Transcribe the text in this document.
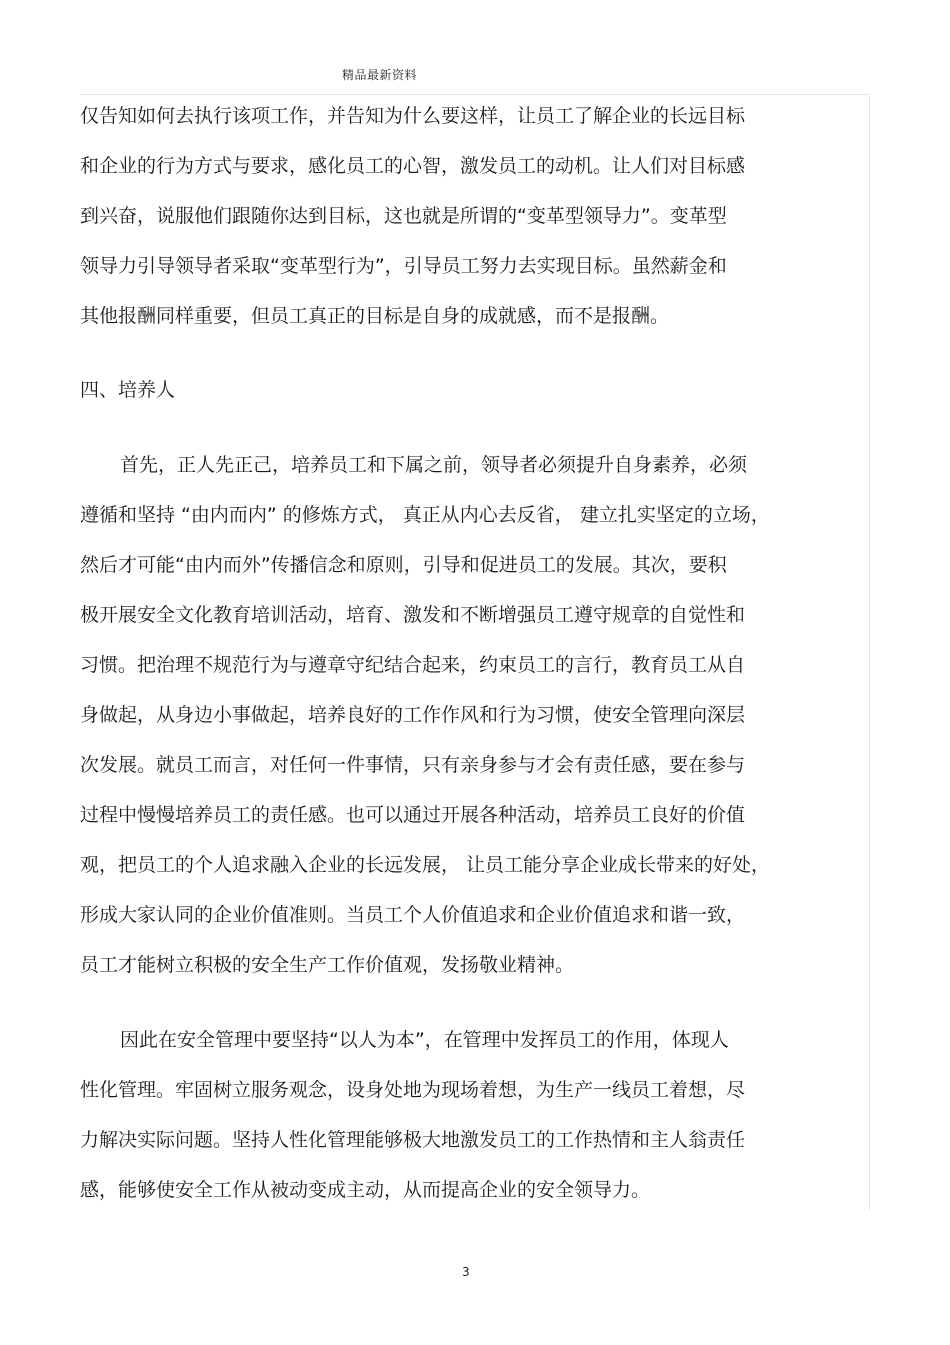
精品最新资料
仅告知如何去执行该项工作，并告知为什么要这样，让员工了解企业的长远目标
和企业的行为方式与要求，感化员工的心智，激发员工的动机。让人们对目标感
到兴奋，说服他们跟随你达到目标，这也就是所谓的“变革型领导力”。变革型
领导力引导领导者采取“变革型行为”，引导员工努力去实现目标。虽然薪金和
其他报酬同样重要，但员工真正的目标是自身的成就感，而不是报酬。
四、培养人
首先，正人先正己，培养员工和下属之前，领导者必须提升自身素养，必须
遵循和坚持 “由内而内” 的修炼方式， 真正从内心去反省， 建立扎实坚定的立场，
然后才可能“由内而外”传播信念和原则，引导和促进员工的发展。其次，要积
极开展安全文化教育培训活动，培育、激发和不断增强员工遵守规章的自觉性和
习惯。把治理不规范行为与遵章守纪结合起来，约束员工的言行，教育员工从自
身做起，从身边小事做起，培养良好的工作作风和行为习惯，使安全管理向深层
次发展。就员工而言，对任何一件事情，只有亲身参与才会有责任感，要在参与
过程中慢慢培养员工的责任感。也可以通过开展各种活动，培养员工良好的价值
观，把员工的个人追求融入企业的长远发展， 让员工能分享企业成长带来的好处，
形成大家认同的企业价值准则。当员工个人价值追求和企业价值追求和谐一致，
员工才能树立积极的安全生产工作价值观，发扬敬业精神。
因此在安全管理中要坚持“以人为本”，在管理中发挥员工的作用，体现人
性化管理。牢固树立服务观念，设身处地为现场着想，为生产一线员工着想，尽
力解决实际问题。坚持人性化管理能够极大地激发员工的工作热情和主人翁责任
感，能够使安全工作从被动变成主动，从而提高企业的安全领导力。
3
